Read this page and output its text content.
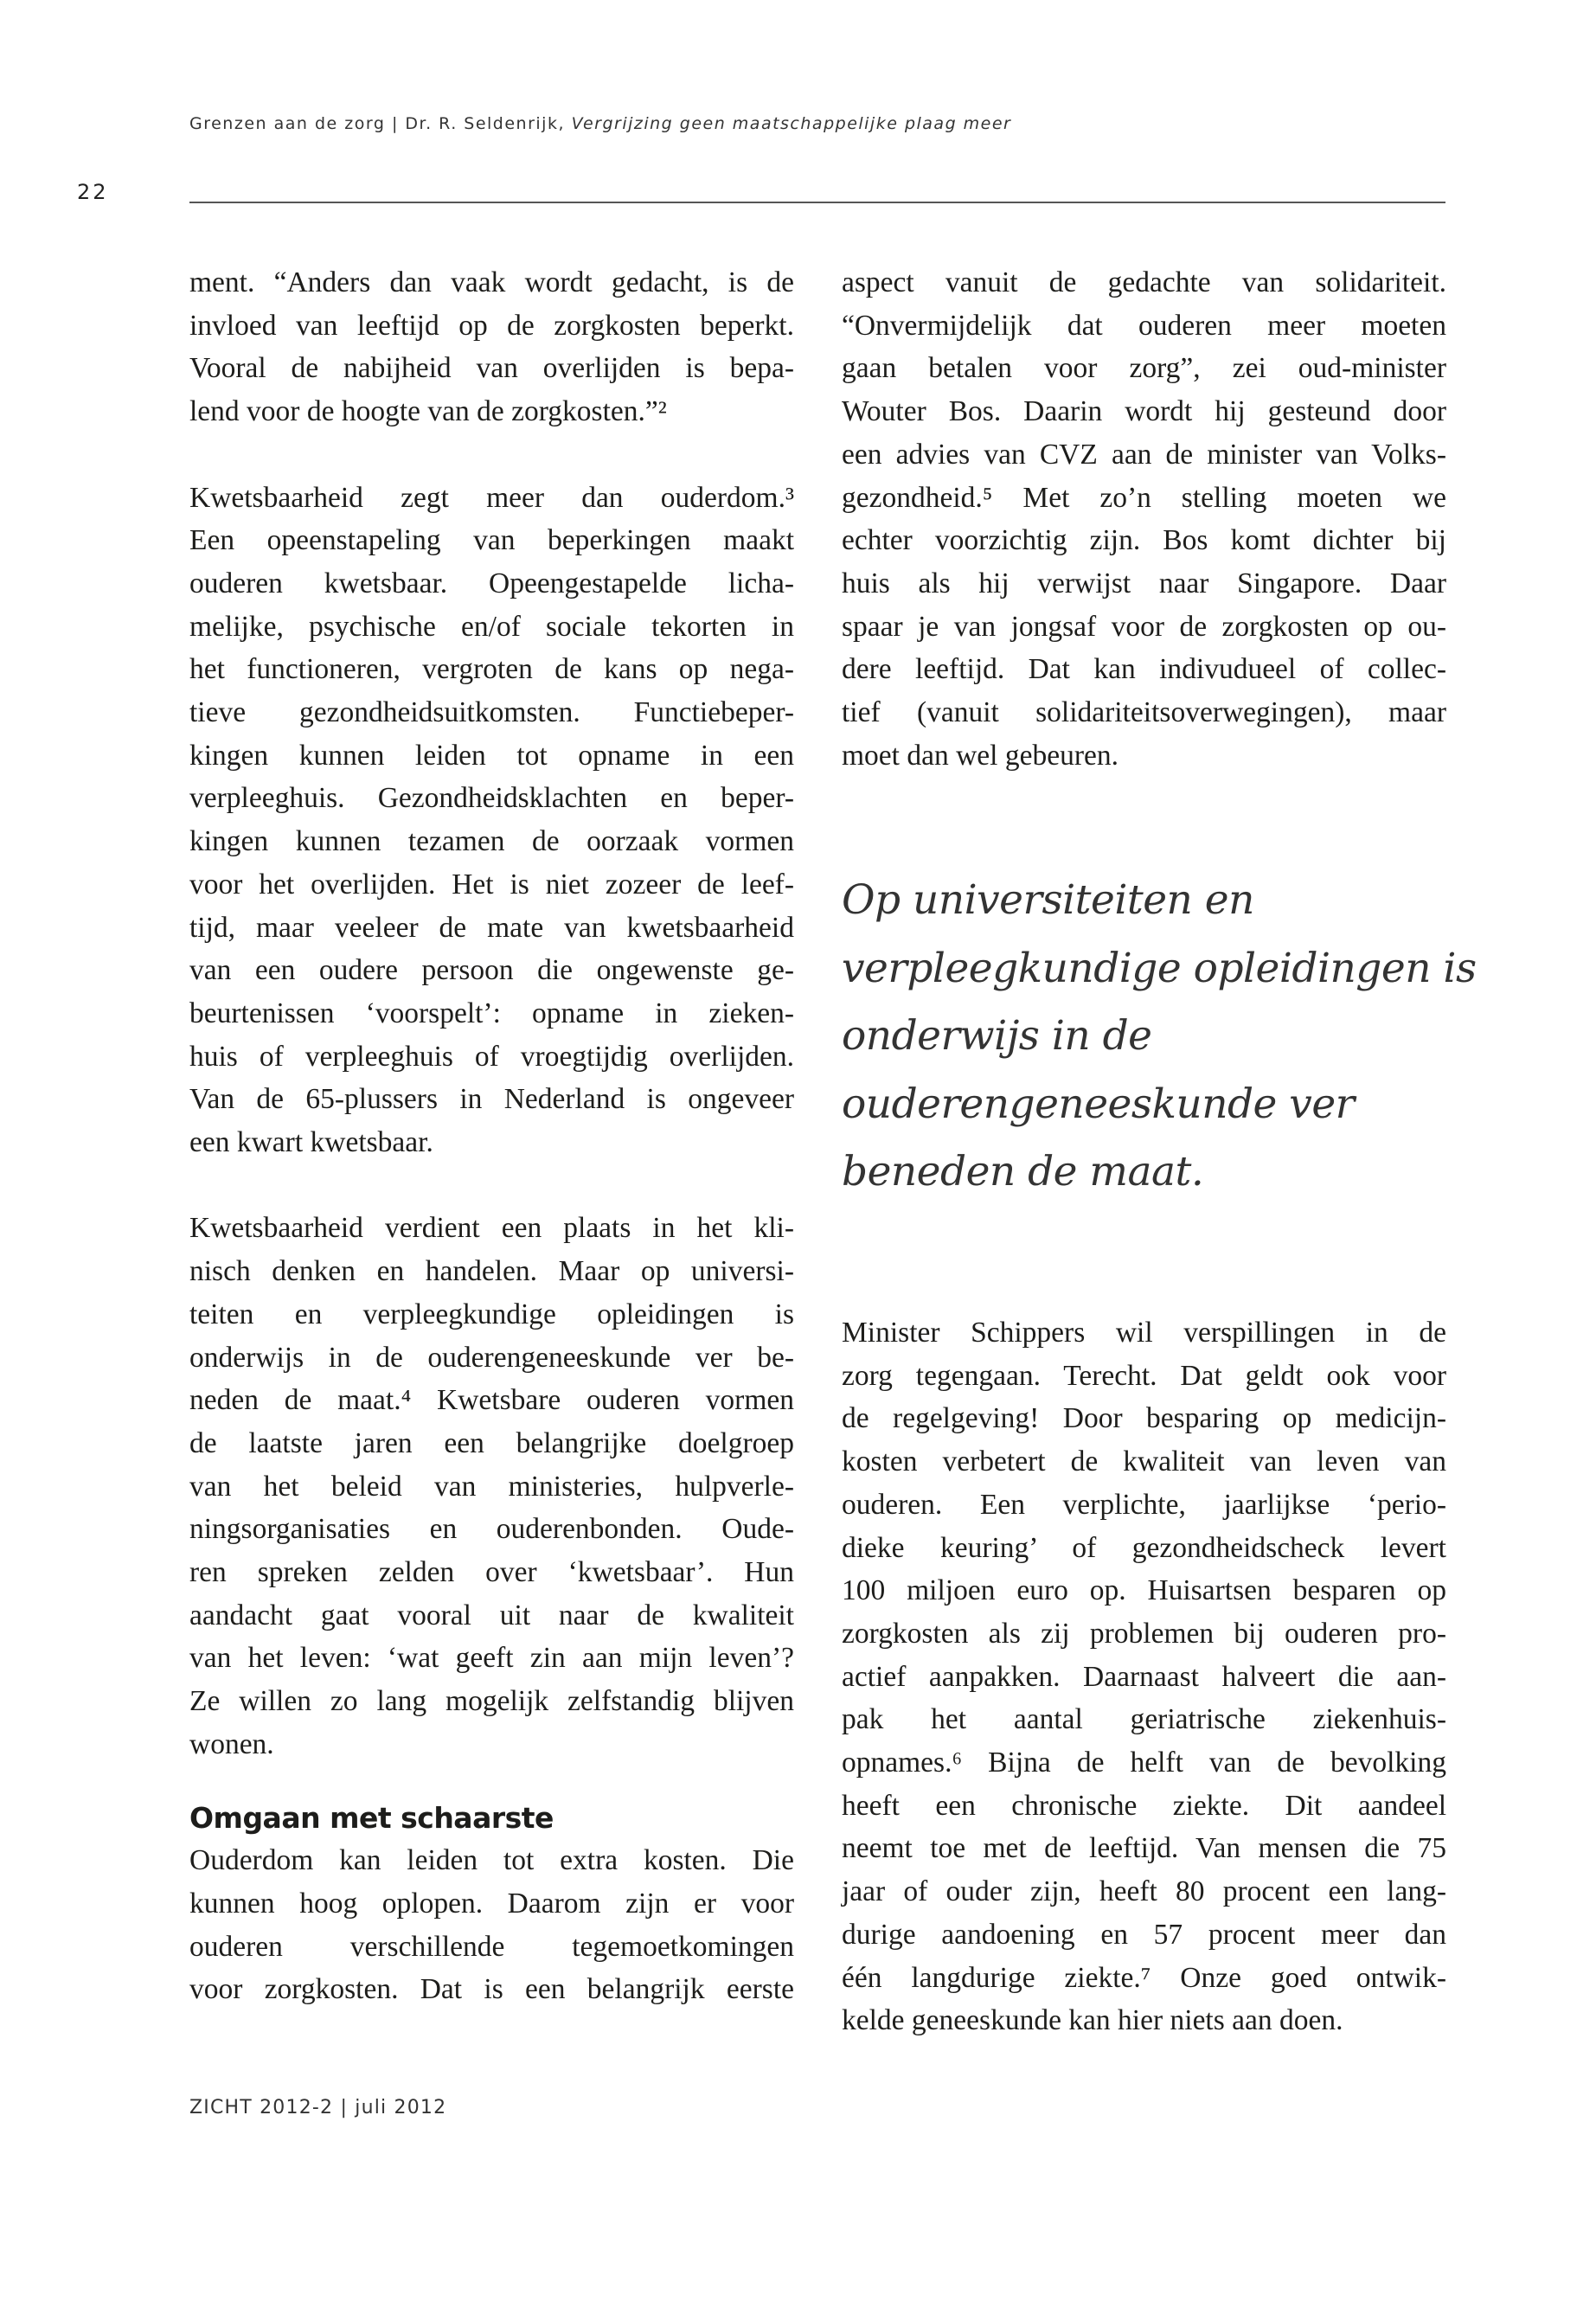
Grenzen aan de zorg | Dr. R. Seldenrijk, Vergrijzing geen maatschappelijke plaag meer
22

ment. “Anders dan vaak wordt gedacht, is de
invloed van leeftijd op de zorgkosten beperkt.
Vooral de nabijheid van overlijden is bepa-
lend voor de hoogte van de zorgkosten.”²

Kwetsbaarheid zegt meer dan ouderdom.³
Een opeenstapeling van beperkingen maakt
ouderen kwetsbaar. Opeengestapelde licha-
melijke, psychische en/of sociale tekorten in
het functioneren, vergroten de kans op nega-
tieve gezondheidsuitkomsten. Functiebeper-
kingen kunnen leiden tot opname in een
verpleeghuis. Gezondheidsklachten en beper-
kingen kunnen tezamen de oorzaak vormen
voor het overlijden. Het is niet zozeer de leef-
tijd, maar veeleer de mate van kwetsbaarheid
van een oudere persoon die ongewenste ge-
beurtenissen ‘voorspelt’: opname in zieken-
huis of verpleeghuis of vroegtijdig overlijden.
Van de 65-plussers in Nederland is ongeveer
een kwart kwetsbaar.

Kwetsbaarheid verdient een plaats in het kli-
nisch denken en handelen. Maar op universi-
teiten en verpleegkundige opleidingen is
onderwijs in de ouderengeneeskunde ver be-
neden de maat.⁴ Kwetsbare ouderen vormen
de laatste jaren een belangrijke doelgroep
van het beleid van ministeries, hulpverle-
ningsorganisaties en ouderenbonden. Oude-
ren spreken zelden over ‘kwetsbaar’. Hun
aandacht gaat vooral uit naar de kwaliteit
van het leven: ‘wat geeft zin aan mijn leven’?
Ze willen zo lang mogelijk zelfstandig blijven
wonen.

Omgaan met schaarste

Ouderdom kan leiden tot extra kosten. Die
kunnen hoog oplopen. Daarom zijn er voor
ouderen verschillende tegemoetkomingen
voor zorgkosten. Dat is een belangrijk eerste

aspect vanuit de gedachte van solidariteit.
“Onvermijdelijk dat ouderen meer moeten
gaan betalen voor zorg”, zei oud-minister
Wouter Bos. Daarin wordt hij gesteund door
een advies van CVZ aan de minister van Volks-
gezondheid.⁵ Met zo’n stelling moeten we
echter voorzichtig zijn. Bos komt dichter bij
huis als hij verwijst naar Singapore. Daar
spaar je van jongsaf voor de zorgkosten op ou-
dere leeftijd. Dat kan indivudueel of collec-
tief (vanuit solidariteitsoverwegingen), maar
moet dan wel gebeuren.

Op universiteiten en
verpleegkundige opleidingen is
onderwijs in de
ouderengeneeskunde ver
beneden de maat.

Minister Schippers wil verspillingen in de
zorg tegengaan. Terecht. Dat geldt ook voor
de regelgeving! Door besparing op medicijn-
kosten verbetert de kwaliteit van leven van
ouderen. Een verplichte, jaarlijkse ‘perio-
dieke keuring’ of gezondheidscheck levert
100 miljoen euro op. Huisartsen besparen op
zorgkosten als zij problemen bij ouderen pro-
actief aanpakken. Daarnaast halveert die aan-
pak het aantal geriatrische ziekenhuis-
opnames.⁶ Bijna de helft van de bevolking
heeft een chronische ziekte. Dit aandeel
neemt toe met de leeftijd. Van mensen die 75
jaar of ouder zijn, heeft 80 procent een lang-
durige aandoening en 57 procent meer dan
één langdurige ziekte.⁷ Onze goed ontwik-
kelde geneeskunde kan hier niets aan doen.

ZICHT 2012-2 | juli 2012
